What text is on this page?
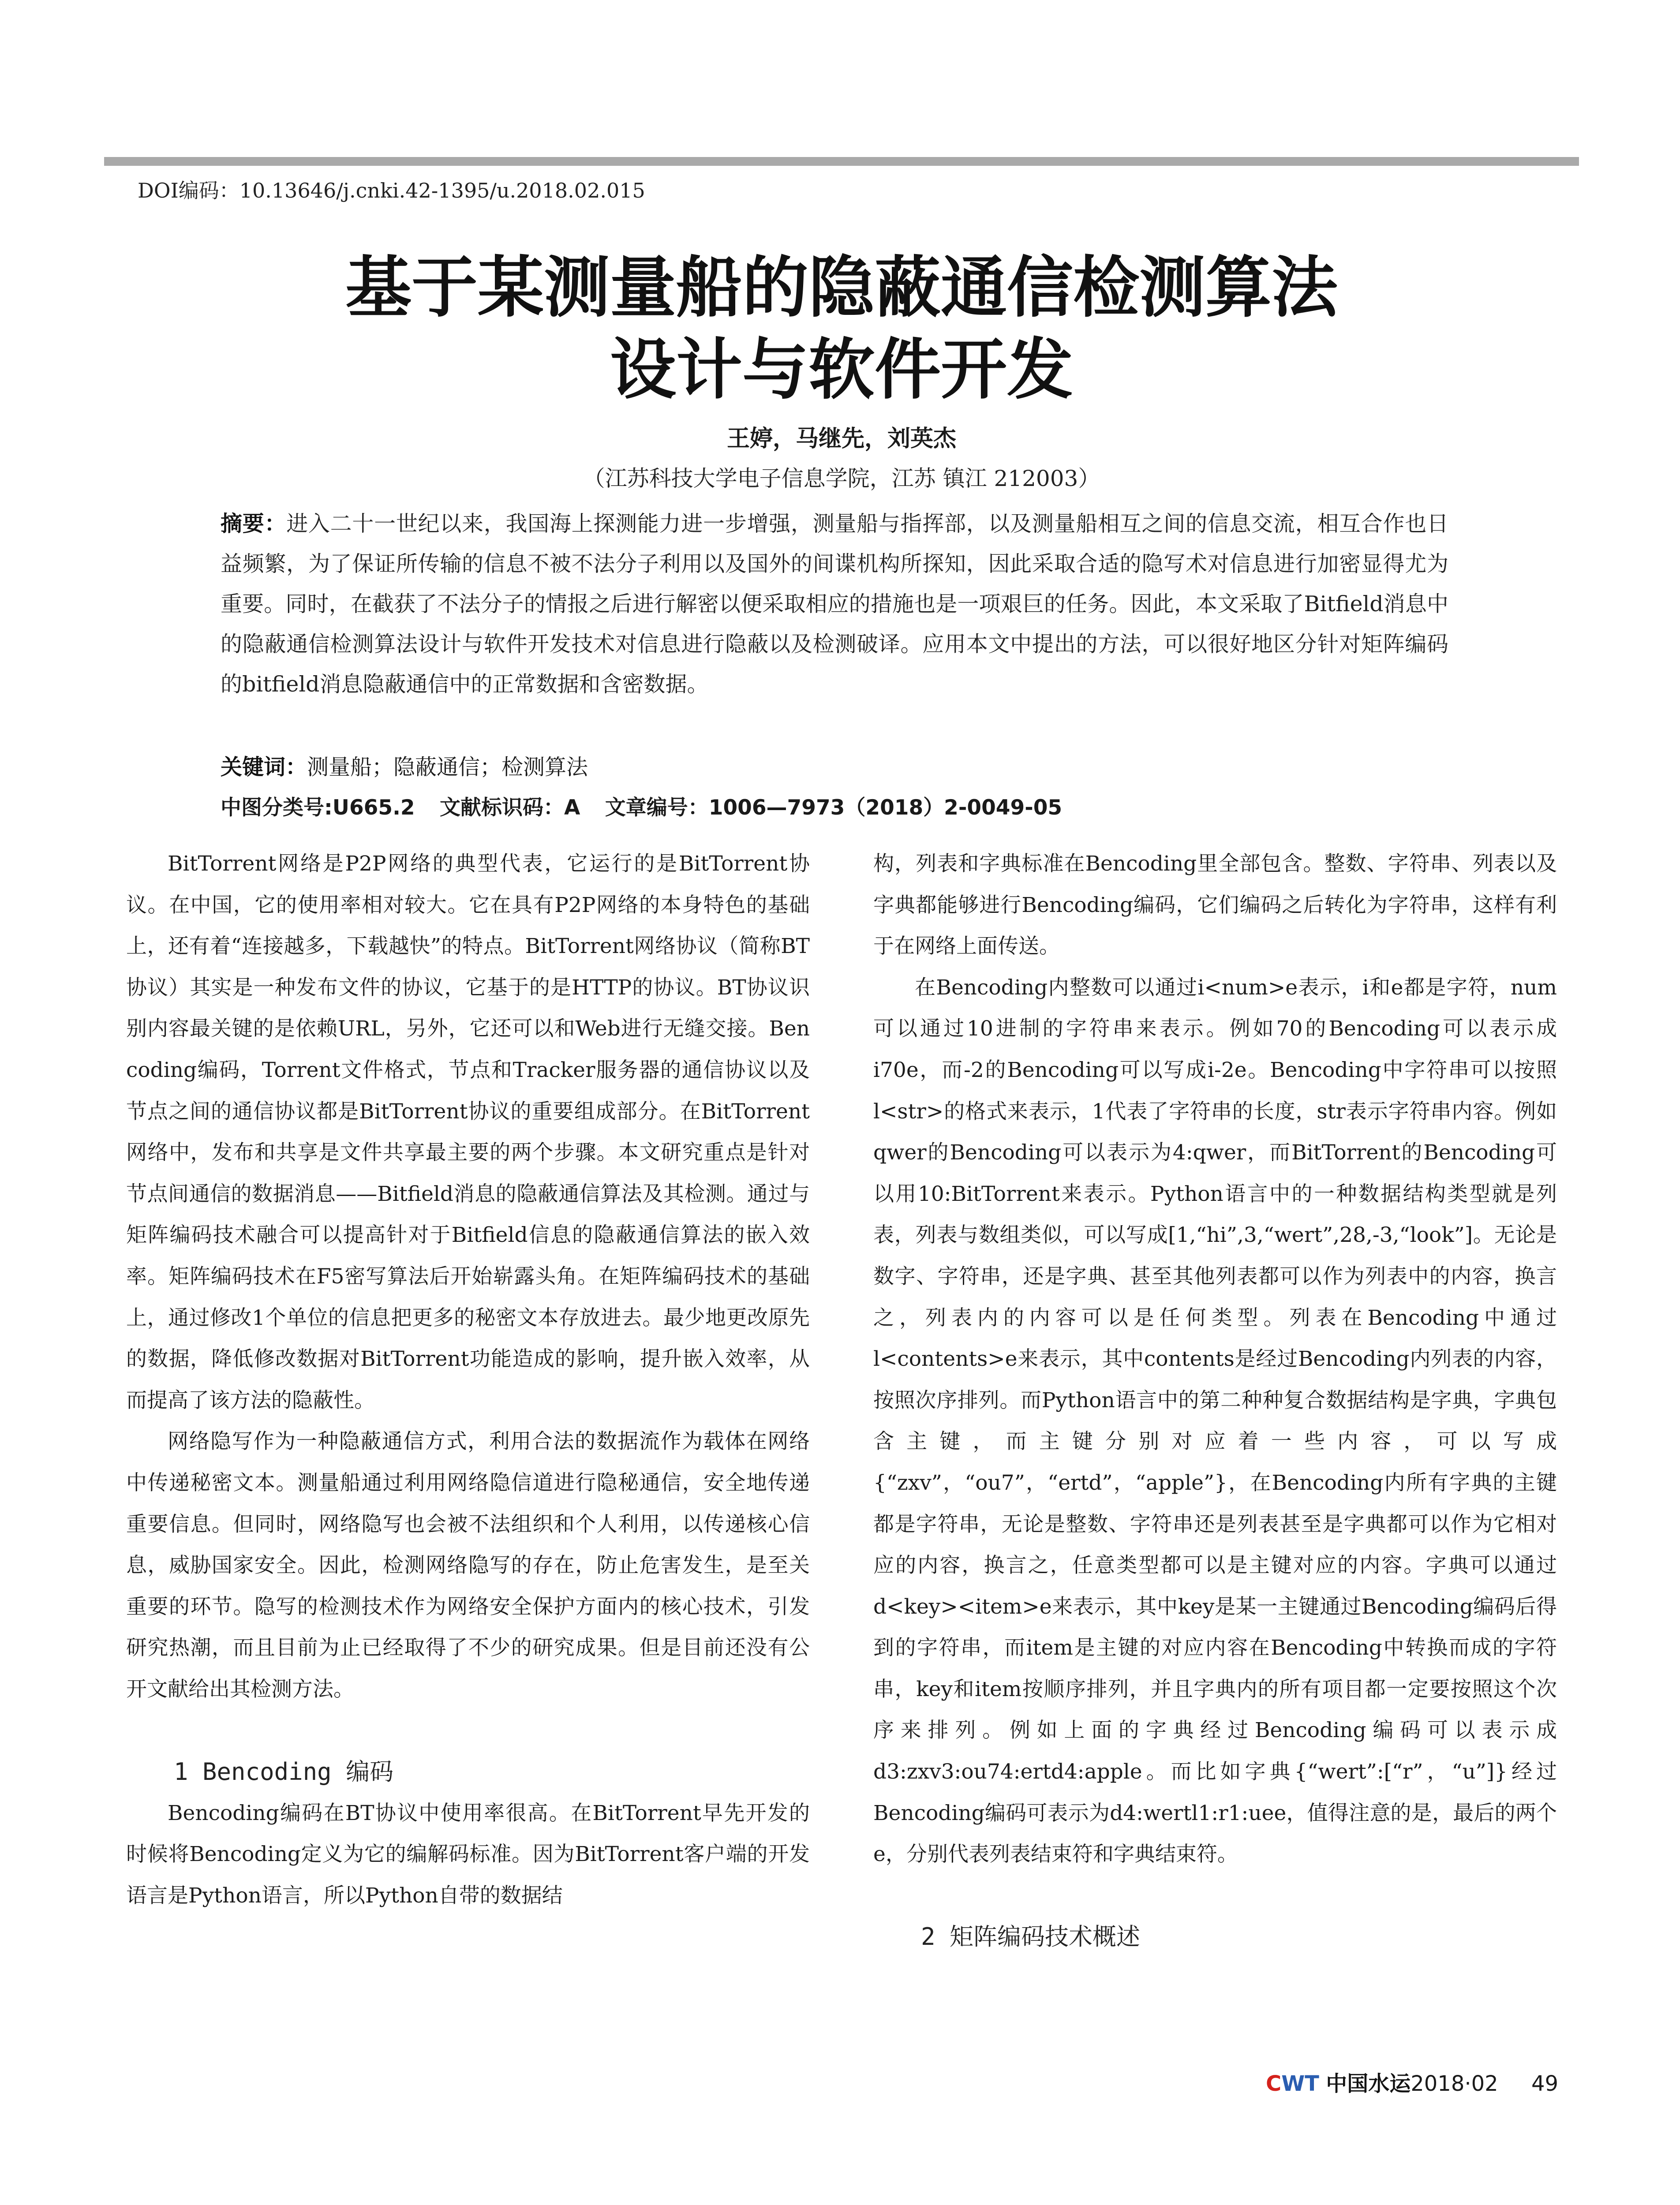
DOI编码：10.13646/j.cnki.42-1395/u.2018.02.015
基于某测量船的隐蔽通信检测算法
设计与软件开发
王婷，马继先，刘英杰
（江苏科技大学电子信息学院，江苏 镇江 212003）
摘要：进入二十一世纪以来，我国海上探测能力进一步增强，测量船与指挥部，以及测量船相互之间的信息交流，相互合作也日益频繁，为了保证所传输的信息不被不法分子利用以及国外的间谍机构所探知，因此采取合适的隐写术对信息进行加密显得尤为重要。同时，在截获了不法分子的情报之后进行解密以便采取相应的措施也是一项艰巨的任务。因此，本文采取了Bitfield消息中的隐蔽通信检测算法设计与软件开发技术对信息进行隐蔽以及检测破译。应用本文中提出的方法，可以很好地区分针对矩阵编码的bitfield消息隐蔽通信中的正常数据和含密数据。
关键词：测量船；隐蔽通信；检测算法
中图分类号:U665.2 文献标识码：A 文章编号：1006—7973（2018）2-0049-05

BitTorrent网络是P2P网络的典型代表，它运行的是BitTorrent协议。在中国，它的使用率相对较大。它在具有P2P网络的本身特色的基础上，还有着“连接越多，下载越快”的特点。BitTorrent网络协议（简称BT协议）其实是一种发布文件的协议，它基于的是HTTP的协议。BT协议识别内容最关键的是依赖URL，另外，它还可以和Web进行无缝交接。Ben coding编码，Torrent文件格式，节点和Tracker服务器的通信协议以及节点之间的通信协议都是BitTorrent协议的重要组成部分。在BitTorrent网络中，发布和共享是文件共享最主要的两个步骤。本文研究重点是针对节点间通信的数据消息——Bitfield消息的隐蔽通信算法及其检测。通过与矩阵编码技术融合可以提高针对于Bitfield信息的隐蔽通信算法的嵌入效率。矩阵编码技术在F5密写算法后开始崭露头角。在矩阵编码技术的基础上，通过修改1个单位的信息把更多的秘密文本存放进去。最少地更改原先的数据，降低修改数据对BitTorrent功能造成的影响，提升嵌入效率，从而提高了该方法的隐蔽性。

网络隐写作为一种隐蔽通信方式，利用合法的数据流作为载体在网络中传递秘密文本。测量船通过利用网络隐信道进行隐秘通信，安全地传递重要信息。但同时，网络隐写也会被不法组织和个人利用，以传递核心信息，威胁国家安全。因此，检测网络隐写的存在，防止危害发生，是至关重要的环节。隐写的检测技术作为网络安全保护方面内的核心技术，引发研究热潮，而且目前为止已经取得了不少的研究成果。但是目前还没有公开文献给出其检测方法。

1 Bencoding 编码

Bencoding编码在BT协议中使用率很高。在BitTorrent早先开发的时候将Bencoding定义为它的编解码标准。因为BitTorrent客户端的开发语言是Python语言，所以Python自带的数据结

构，列表和字典标准在Bencoding里全部包含。整数、字符串、列表以及字典都能够进行Bencoding编码，它们编码之后转化为字符串，这样有利于在网络上面传送。

在Bencoding内整数可以通过i<num>e表示，i和e都是字符，num可以通过10进制的字符串来表示。例如70的Bencoding可以表示成i70e，而-2的Bencoding可以写成i-2e。Bencoding中字符串可以按照l<str>的格式来表示，1代表了字符串的长度，str表示字符串内容。例如qwer的Bencoding可以表示为4:qwer，而BitTorrent的Bencoding可以用10:BitTorrent来表示。Python语言中的一种数据结构类型就是列表，列表与数组类似，可以写成[1,“hi”,3,“wert”,28,-3,“look”]。无论是数字、字符串，还是字典、甚至其他列表都可以作为列表中的内容，换言之，列表内的内容可以是任何类型。列表在Bencoding中通过l<contents>e来表示，其中contents是经过Bencoding内列表的内容，按照次序排列。而Python语言中的第二种种复合数据结构是字典，字典包含主键，而主键分别对应着一些内容，可以写成{“zxv”，“ou7”，“ertd”，“apple”}，在Bencoding内所有字典的主键都是字符串，无论是整数、字符串还是列表甚至是字典都可以作为它相对应的内容，换言之，任意类型都可以是主键对应的内容。字典可以通过d<key><item>e来表示，其中key是某一主键通过Bencoding编码后得到的字符串，而item是主键的对应内容在Bencoding中转换而成的字符串，key和item按顺序排列，并且字典内的所有项目都一定要按照这个次序来排列。例如上面的字典经过Bencoding编码可以表示成d3:zxv3:ou74:ertd4:apple。而比如字典{“wert”:[“r”，“u”]}经过Bencoding编码可表示为d4:wertl1:r1:uee，值得注意的是，最后的两个e，分别代表列表结束符和字典结束符。

2 矩阵编码技术概述

CWT 中国水运2018·02 49
